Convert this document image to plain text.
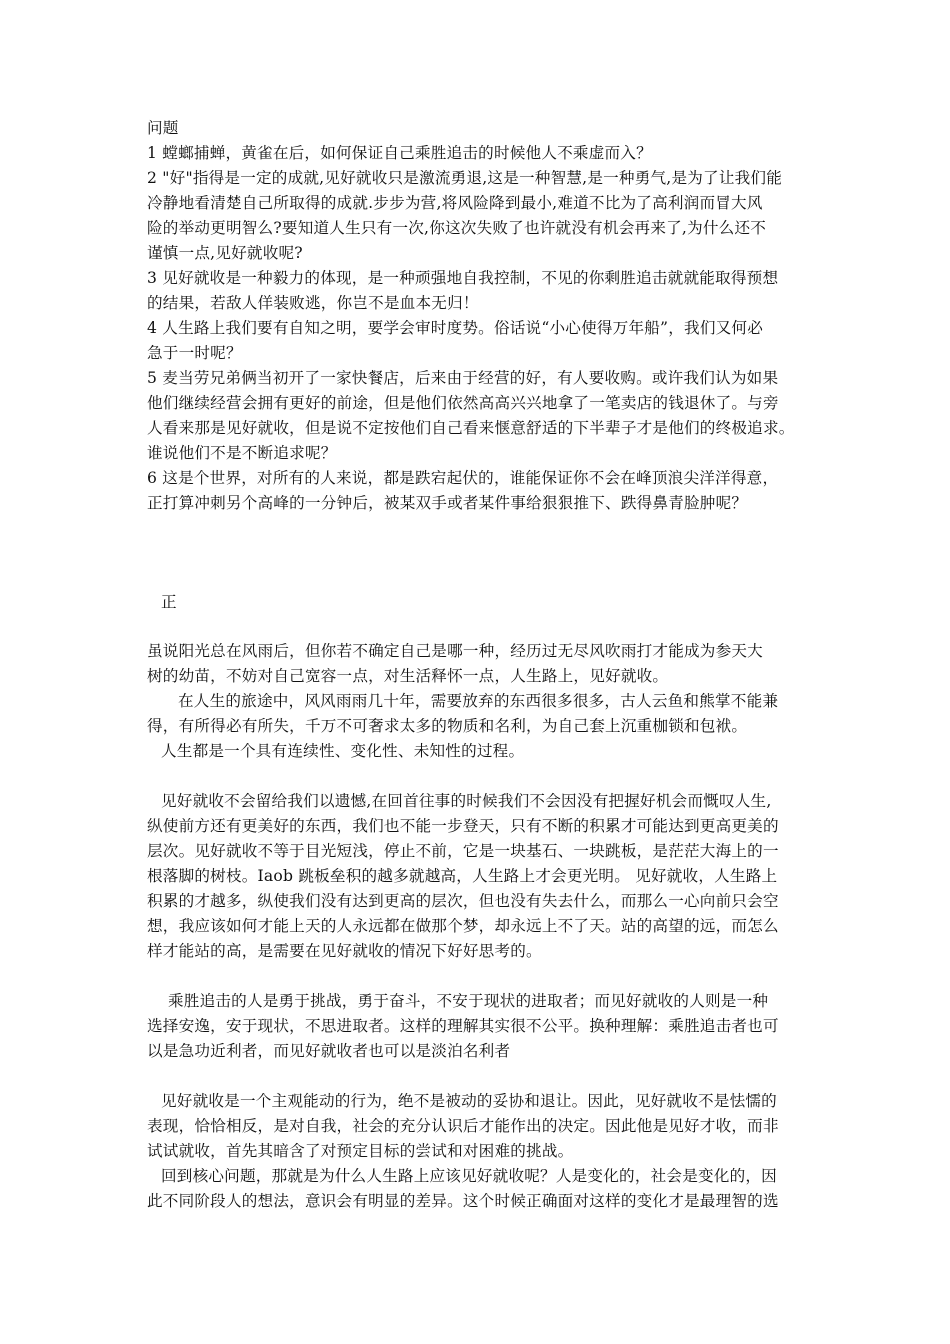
问题
1 螳螂捕蝉，黄雀在后，如何保证自己乘胜追击的时候他人不乘虚而入？
2 "好"指得是一定的成就,见好就收只是激流勇退,这是一种智慧,是一种勇气,是为了让我们能
冷静地看清楚自己所取得的成就.步步为营,将风险降到最小,难道不比为了高利润而冒大风
险的举动更明智么?要知道人生只有一次,你这次失败了也许就没有机会再来了,为什么还不
谨慎一点,见好就收呢?
3 见好就收是一种毅力的体现，是一种顽强地自我控制，不见的你剩胜追击就就能取得预想
的结果，若敌人佯装败逃，你岂不是血本无归！
4 人生路上我们要有自知之明，要学会审时度势。俗话说“小心使得万年船”，我们又何必
急于一时呢？
5 麦当劳兄弟俩当初开了一家快餐店，后来由于经营的好，有人要收购。或许我们认为如果
他们继续经营会拥有更好的前途，但是他们依然高高兴兴地拿了一笔卖店的钱退休了。与旁
人看来那是见好就收，但是说不定按他们自己看来惬意舒适的下半辈子才是他们的终极追求。
谁说他们不是不断追求呢？
6 这是个世界，对所有的人来说，都是跌宕起伏的，谁能保证你不会在峰顶浪尖洋洋得意，
正打算冲刺另个高峰的一分钟后，被某双手或者某件事给狠狠推下、跌得鼻青脸肿呢？
正
虽说阳光总在风雨后，但你若不确定自己是哪一种，经历过无尽风吹雨打才能成为参天大
树的幼苗，不妨对自己宽容一点，对生活释怀一点，人生路上，见好就收。
在人生的旅途中，风风雨雨几十年，需要放弃的东西很多很多，古人云鱼和熊掌不能兼
得，有所得必有所失，千万不可奢求太多的物质和名利，为自己套上沉重枷锁和包袱。
人生都是一个具有连续性、变化性、未知性的过程。
见好就收不会留给我们以遗憾,在回首往事的时候我们不会因没有把握好机会而慨叹人生,
纵使前方还有更美好的东西，我们也不能一步登天，只有不断的积累才可能达到更高更美的
层次。见好就收不等于目光短浅，停止不前，它是一块基石、一块跳板，是茫茫大海上的一
根落脚的树枝。Iaob 跳板垒积的越多就越高，人生路上才会更光明。 见好就收，人生路上
积累的才越多，纵使我们没有达到更高的层次，但也没有失去什么，而那么一心向前只会空
想，我应该如何才能上天的人永远都在做那个梦，却永远上不了天。站的高望的远，而怎么
样才能站的高，是需要在见好就收的情况下好好思考的。
乘胜追击的人是勇于挑战，勇于奋斗，不安于现状的进取者；而见好就收的人则是一种
选择安逸，安于现状，不思进取者。这样的理解其实很不公平。换种理解：乘胜追击者也可
以是急功近利者，而见好就收者也可以是淡泊名利者
见好就收是一个主观能动的行为，绝不是被动的妥协和退让。因此，见好就收不是怯懦的
表现，恰恰相反，是对自我，社会的充分认识后才能作出的决定。因此他是见好才收，而非
试试就收，首先其暗含了对预定目标的尝试和对困难的挑战。
回到核心问题，那就是为什么人生路上应该见好就收呢？人是变化的，社会是变化的，因
此不同阶段人的想法，意识会有明显的差异。这个时候正确面对这样的变化才是最理智的选
